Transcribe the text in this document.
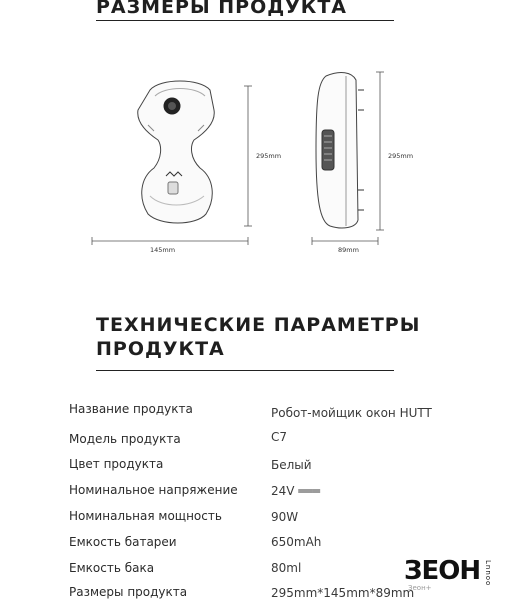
РАЗМЕРЫ ПРОДУКТА
295mm
145mm
295mm
89mm
ТЕХНИЧЕСКИЕ ПАРАМЕТРЫ
ПРОДУКТА
Название продукта	Робот-мойщик окон HUTT
Модель продукта	C7
Цвет продукта	Белый
Номинальное напряжение	24V ═══
Номинальная мощность	90W
Емкость батареи	650mAh
Емкость бака	80ml
Размеры продукта	295mm*145mm*89mm
ЗЕОН Lnnoo
Зеон+
